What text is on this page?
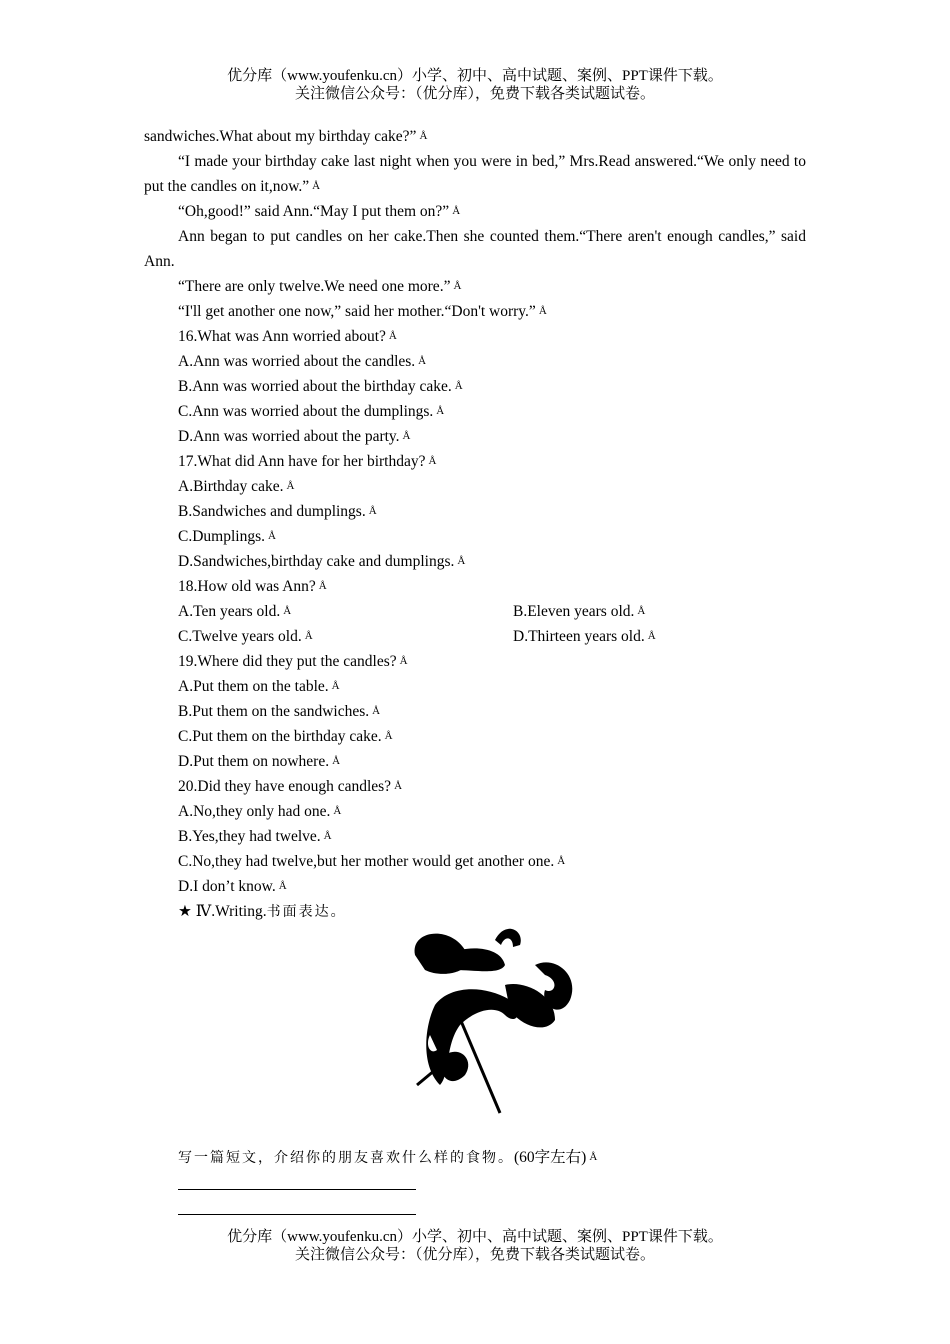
优分库（www.youfenku.cn）小学、初中、高中试题、案例、PPT课件下载。
关注微信公众号：（优分库），免费下载各类试题试卷。
sandwiches.What about my birthday cake?” Å
“I made your birthday cake last night when you were in bed,” Mrs.Read answered.“We only need to put the candles on it,now.” Å
“Oh,good!” said Ann.“May I put them on?” Å
Ann began to put candles on her cake.Then she counted them.“There aren't enough candles,” said Ann.
“There are only twelve.We need one more.” Å
“I'll get another one now,” said her mother.“Don't worry.” Å
16.What was Ann worried about? Å
A.Ann was worried about the candles. Å
B.Ann was worried about the birthday cake. Å
C.Ann was worried about the dumplings. Å
D.Ann was worried about the party. Å
17.What did Ann have for her birthday? Å
A.Birthday cake. Å
B.Sandwiches and dumplings. Å
C.Dumplings. Å
D.Sandwiches,birthday cake and dumplings. Å
18.How old was Ann? Å
A.Ten years old. Å	B.Eleven years old. Å
C.Twelve years old. Å	D.Thirteen years old. Å
19.Where did they put the candles? Å
A.Put them on the table. Å
B.Put them on the sandwiches. Å
C.Put them on the birthday cake. Å
D.Put them on nowhere. Å
20.Did they have enough candles? Å
A.No,they only had one. Å
B.Yes,they had twelve. Å
C.No,they had twelve,but her mother would get another one. Å
D.I don’t know. Å
★ Ⅳ.Writing.书面表达。
写一篇短文，介绍你的朋友喜欢什么样的食物。(60字左右) Å
优分库（www.youfenku.cn）小学、初中、高中试题、案例、PPT课件下载。
关注微信公众号：（优分库），免费下载各类试题试卷。
